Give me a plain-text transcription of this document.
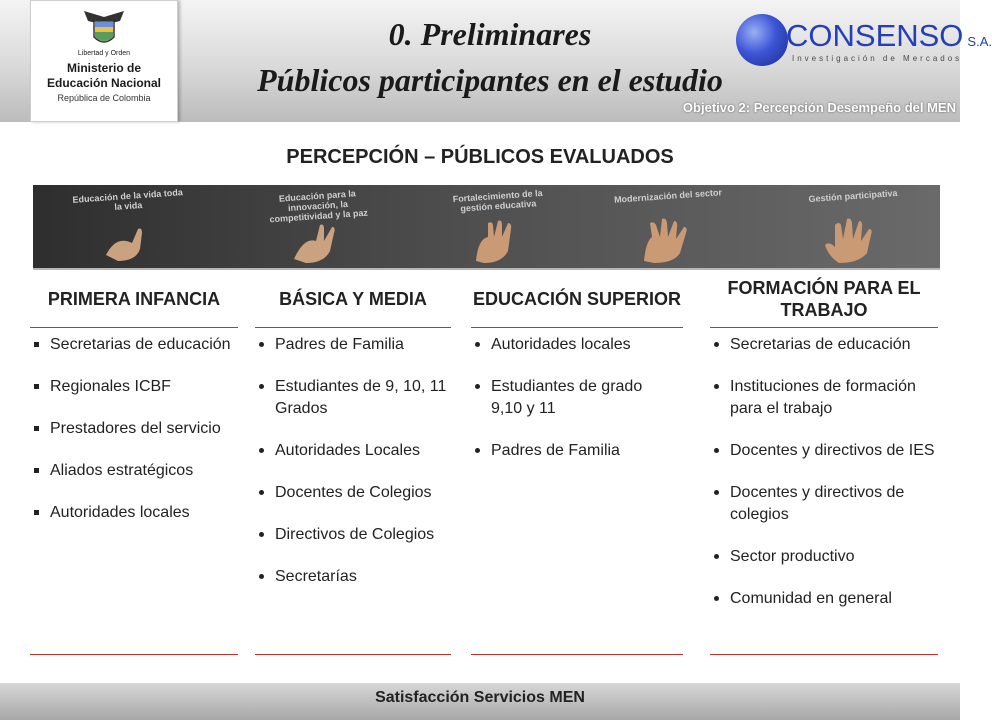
Libertad y Orden
Ministerio de
Educación Nacional
República de Colombia
0. Preliminares
Públicos participantes en el estudio
CONSENSO S.A.
Investigación de Mercados
Objetivo 2: Percepción Desempeño del MEN
PERCEPCIÓN – PÚBLICOS EVALUADOS
Educación de la vida toda la vida
Educación para la innovación, la competitividad y la paz
Fortalecimiento de la gestión educativa
Modernización del sector	Gestión participativa
PRIMERA INFANCIA
Secretarias de educación
Regionales ICBF
Prestadores del servicio
Aliados estratégicos
Autoridades locales
BÁSICA Y MEDIA
Padres de Familia
Estudiantes de 9, 10, 11 Grados
Autoridades Locales
Docentes de Colegios
Directivos de Colegios
Secretarías
EDUCACIÓN SUPERIOR
Autoridades locales
Estudiantes de grado 9,10 y 11
Padres de Familia
FORMACIÓN PARA EL TRABAJO
Secretarias de educación
Instituciones de formación para el trabajo
Docentes y directivos de IES
Docentes y directivos de colegios
Sector productivo
Comunidad en general
Satisfacción Servicios MEN
